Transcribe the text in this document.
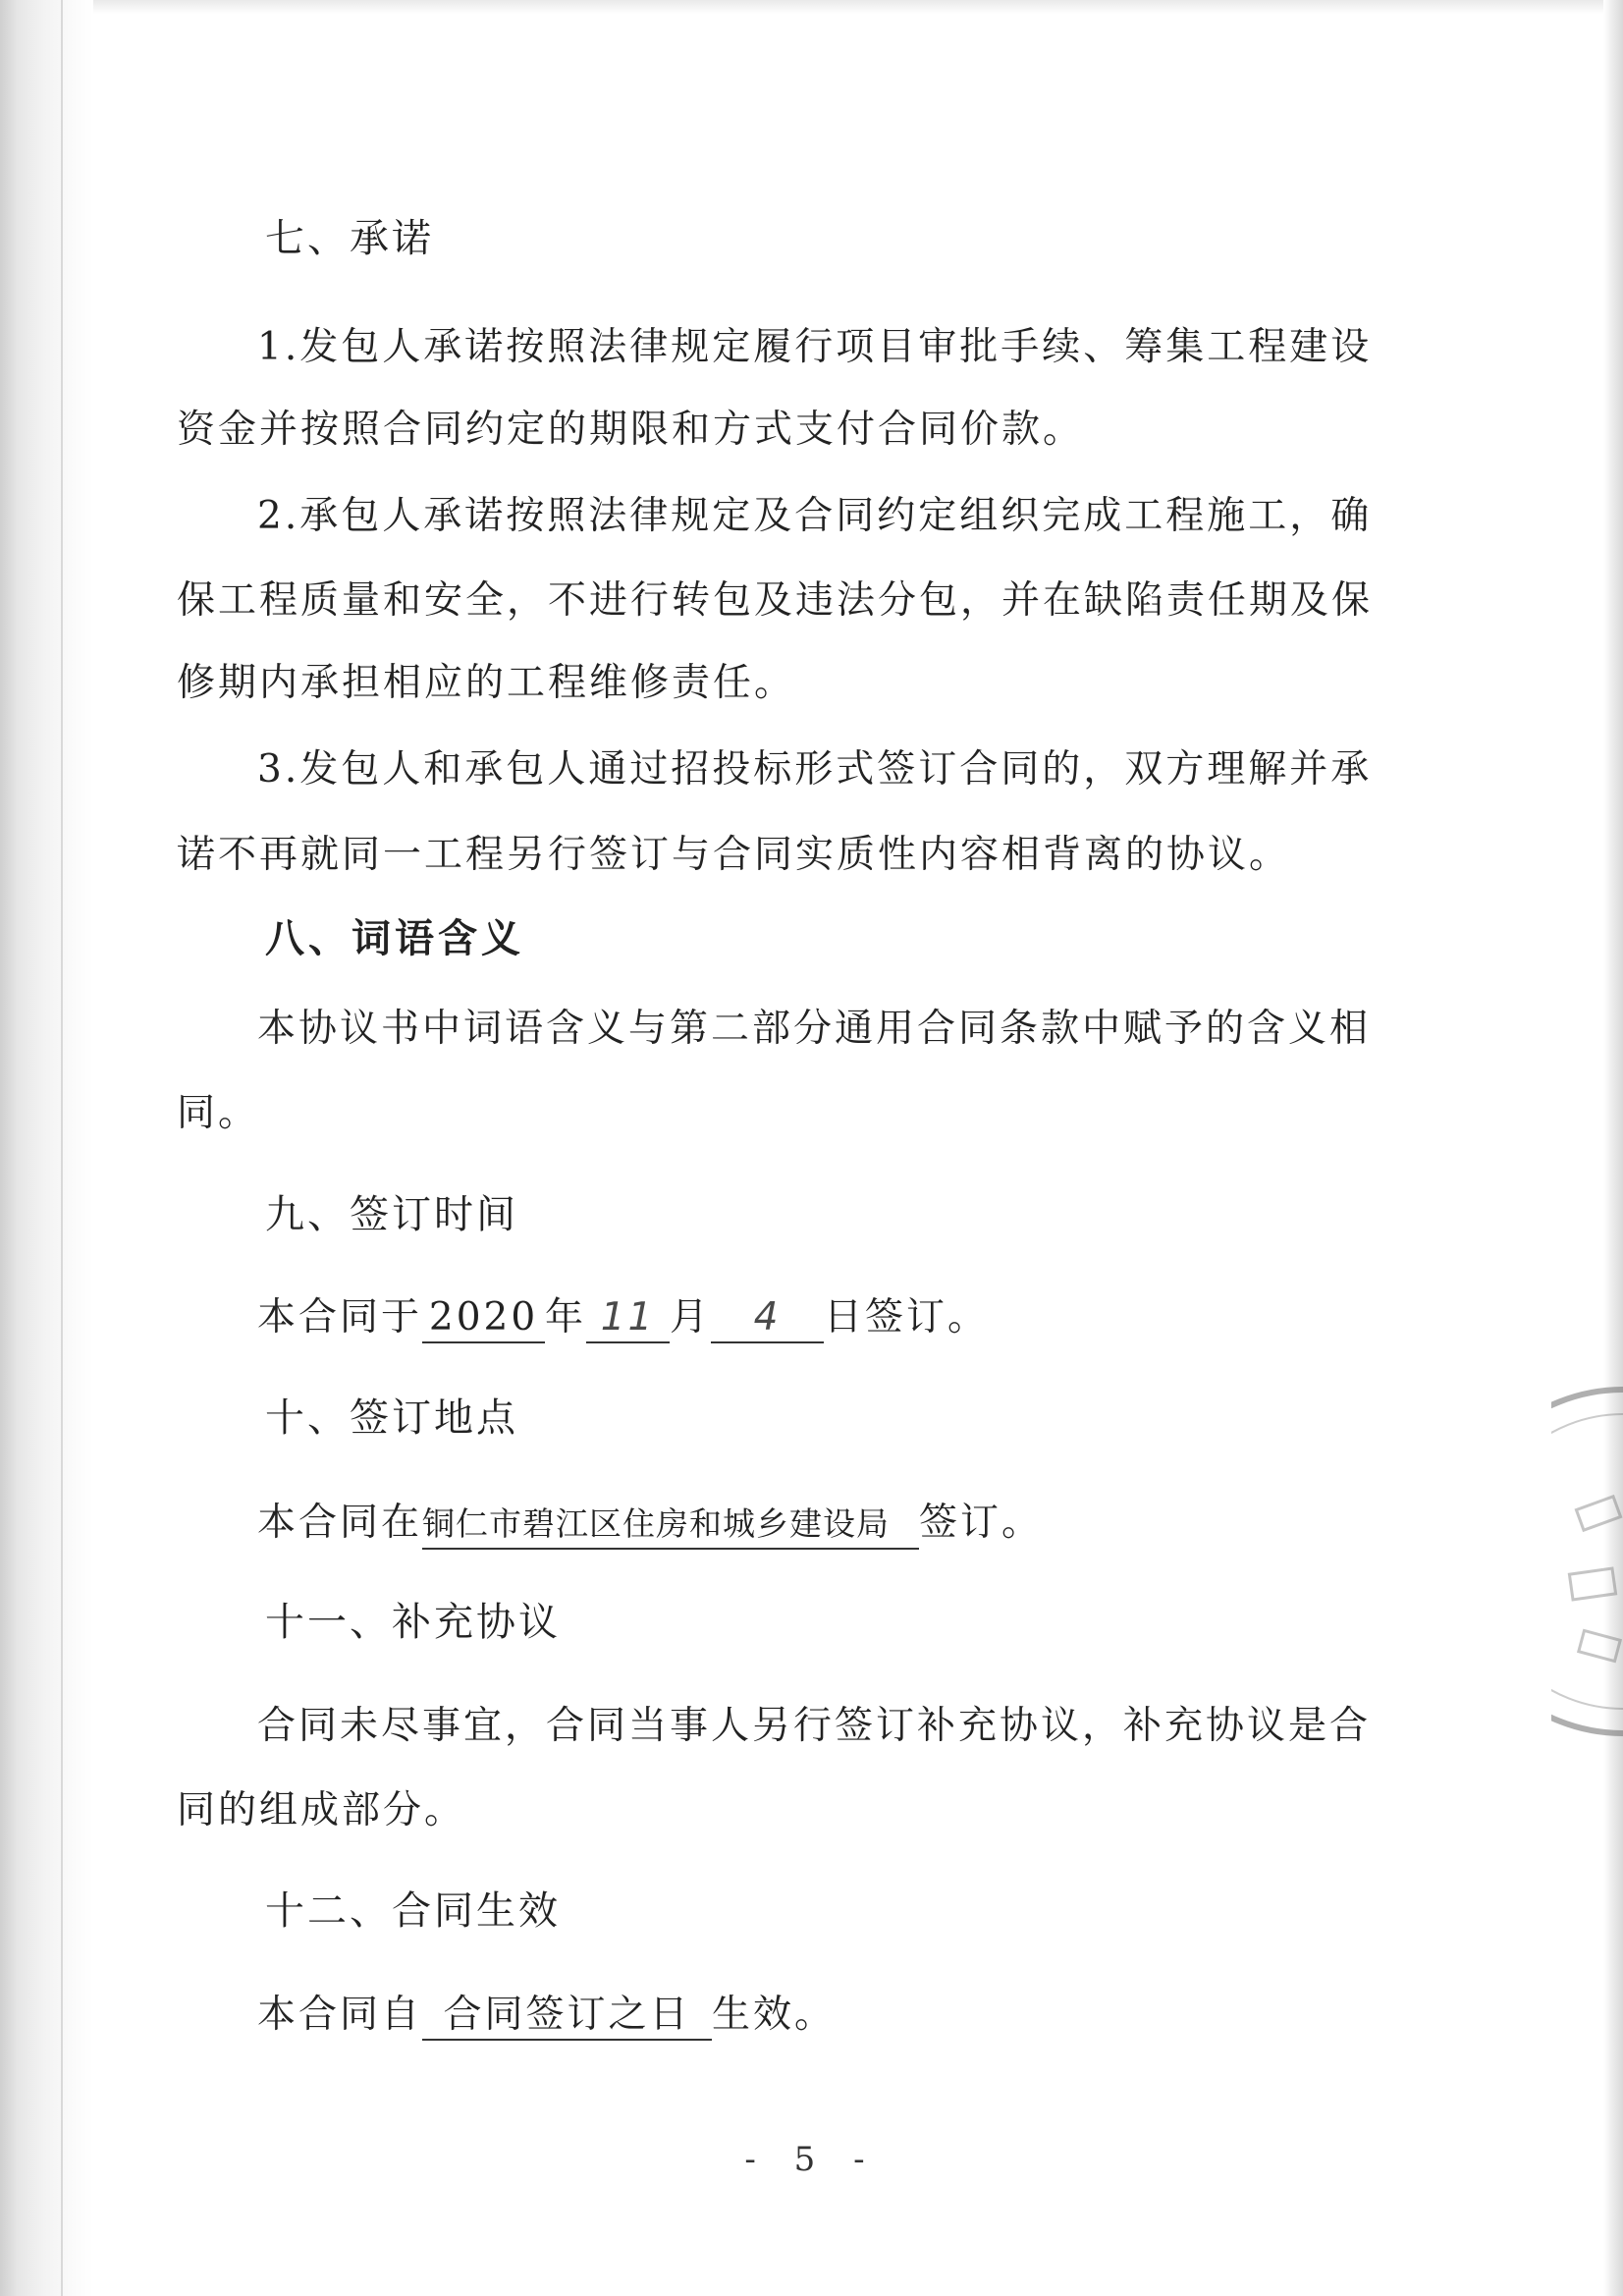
七、承诺
1.发包人承诺按照法律规定履行项目审批手续、筹集工程建设
资金并按照合同约定的期限和方式支付合同价款。
2.承包人承诺按照法律规定及合同约定组织完成工程施工，确
保工程质量和安全，不进行转包及违法分包，并在缺陷责任期及保
修期内承担相应的工程维修责任。
3.发包人和承包人通过招投标形式签订合同的，双方理解并承
诺不再就同一工程另行签订与合同实质性内容相背离的协议。
八、词语含义
本协议书中词语含义与第二部分通用合同条款中赋予的含义相
同。
九、签订时间
本合同于 2020 年 11 月 4 日签订。
十、签订地点
本合同在铜仁市碧江区住房和城乡建设局 签订。
十一、补充协议
合同未尽事宜，合同当事人另行签订补充协议，补充协议是合
同的组成部分。
十二、合同生效
本合同自 合同签订之日 生效。
- 5 -
